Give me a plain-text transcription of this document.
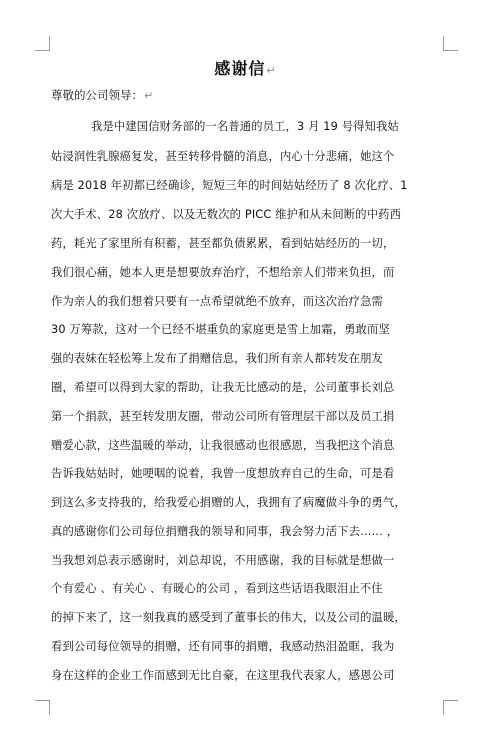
感谢信↵
尊敬的公司领导：↵
我是中建国信财务部的一名普通的员工，3 月 19 号得知我姑
姑浸润性乳腺癌复发，甚至转移骨髓的消息，内心十分悲痛，她这个
病是 2018 年初都已经确诊，短短三年的时间姑姑经历了 8 次化疗、1
次大手术、28 次放疗、以及无数次的 PICC 维护和从未间断的中药西
药，耗光了家里所有积蓄，甚至都负债累累，看到姑姑经历的一切，
我们很心痛，她本人更是想要放弃治疗，不想给亲人们带来负担，而
作为亲人的我们想着只要有一点希望就绝不放弃，而这次治疗急需
30 万筹款，这对一个已经不堪重负的家庭更是雪上加霜，勇敢而坚
强的表妹在轻松筹上发布了捐赠信息，我们所有亲人都转发在朋友
圈，希望可以得到大家的帮助，让我无比感动的是，公司董事长刘总
第一个捐款，甚至转发朋友圈，带动公司所有管理层干部以及员工捐
赠爱心款，这些温暖的举动，让我很感动也很感恩，当我把这个消息
告诉我姑姑时，她哽咽的说着，我曾一度想放弃自己的生命，可是看
到这么多支持我的，给我爱心捐赠的人，我拥有了病魔做斗争的勇气，
真的感谢你们公司每位捐赠我的领导和同事，我会努力活下去…… ，
当我想刘总表示感谢时，刘总却说，不用感谢，我的目标就是想做一
个有爱心 、有关心 、有暖心的公司 ，看到这些话语我眼泪止不住
的掉下来了，这一刻我真的感受到了董事长的伟大，以及公司的温暖，
看到公司每位领导的捐赠，还有同事的捐赠，我感动热泪盈眶，我为
身在这样的企业工作而感到无比自豪，在这里我代表家人，感恩公司
